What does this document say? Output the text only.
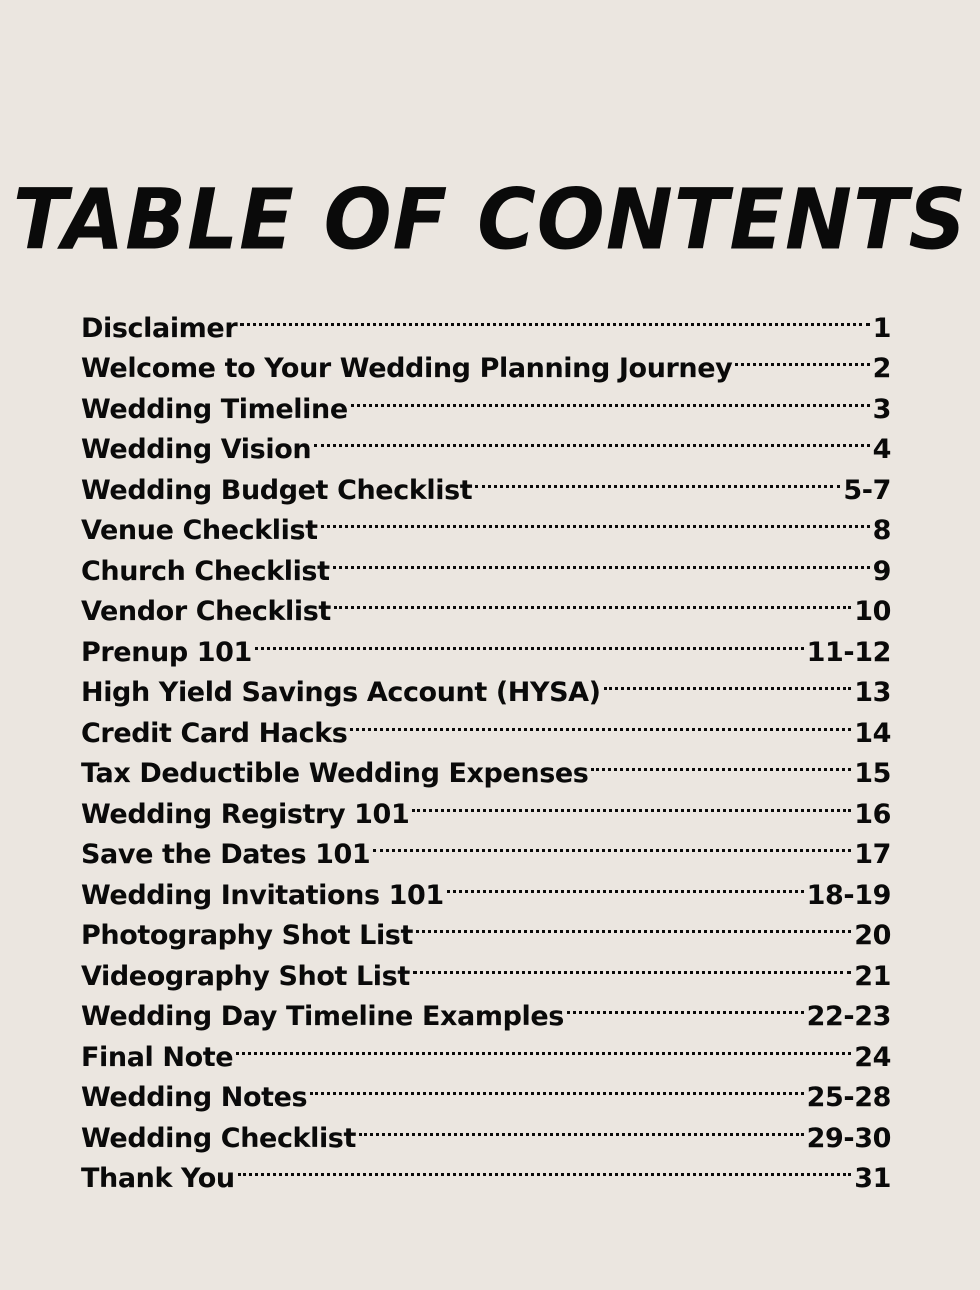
TABLE OF CONTENTS
Disclaimer	1
Welcome to Your Wedding Planning Journey	2
Wedding Timeline	3
Wedding Vision	4
Wedding Budget Checklist	5-7
Venue Checklist	8
Church Checklist	9
Vendor Checklist	10
Prenup 101	11-12
High Yield Savings Account (HYSA)	13
Credit Card Hacks	14
Tax Deductible Wedding Expenses	15
Wedding Registry 101	16
Save the Dates 101	17
Wedding Invitations 101	18-19
Photography Shot List	20
Videography Shot List	21
Wedding Day Timeline Examples	22-23
Final Note	24
Wedding Notes	25-28
Wedding Checklist	29-30
Thank You	31
